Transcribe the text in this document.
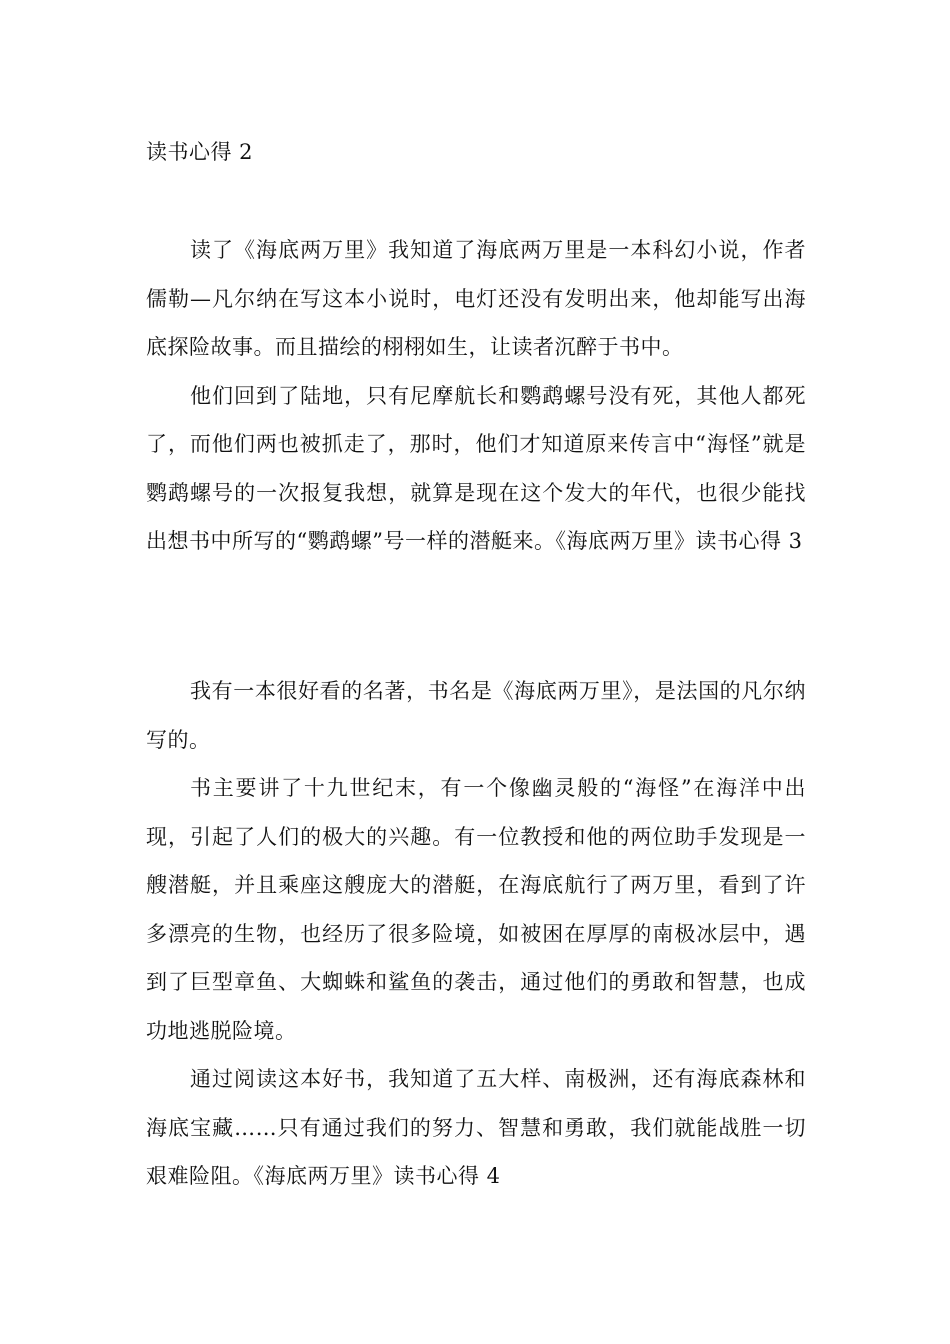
读书心得 2

读了《海底两万里》我知道了海底两万里是一本科幻小说，作者儒勒—凡尔纳在写这本小说时，电灯还没有发明出来，他却能写出海底探险故事。而且描绘的栩栩如生，让读者沉醉于书中。

他们回到了陆地，只有尼摩航长和鹦鹉螺号没有死，其他人都死了，而他们两也被抓走了，那时，他们才知道原来传言中“海怪”就是鹦鹉螺号的一次报复我想，就算是现在这个发大的年代，也很少能找出想书中所写的“鹦鹉螺”号一样的潜艇来。《海底两万里》读书心得 3

我有一本很好看的名著，书名是《海底两万里》，是法国的凡尔纳写的。

书主要讲了十九世纪末，有一个像幽灵般的“海怪”在海洋中出现，引起了人们的极大的兴趣。有一位教授和他的两位助手发现是一艘潜艇，并且乘座这艘庞大的潜艇，在海底航行了两万里，看到了许多漂亮的生物，也经历了很多险境，如被困在厚厚的南极冰层中，遇到了巨型章鱼、大蜘蛛和鲨鱼的袭击，通过他们的勇敢和智慧，也成功地逃脱险境。

通过阅读这本好书，我知道了五大样、南极洲，还有海底森林和海底宝藏……只有通过我们的努力、智慧和勇敢，我们就能战胜一切艰难险阻。《海底两万里》读书心得 4
